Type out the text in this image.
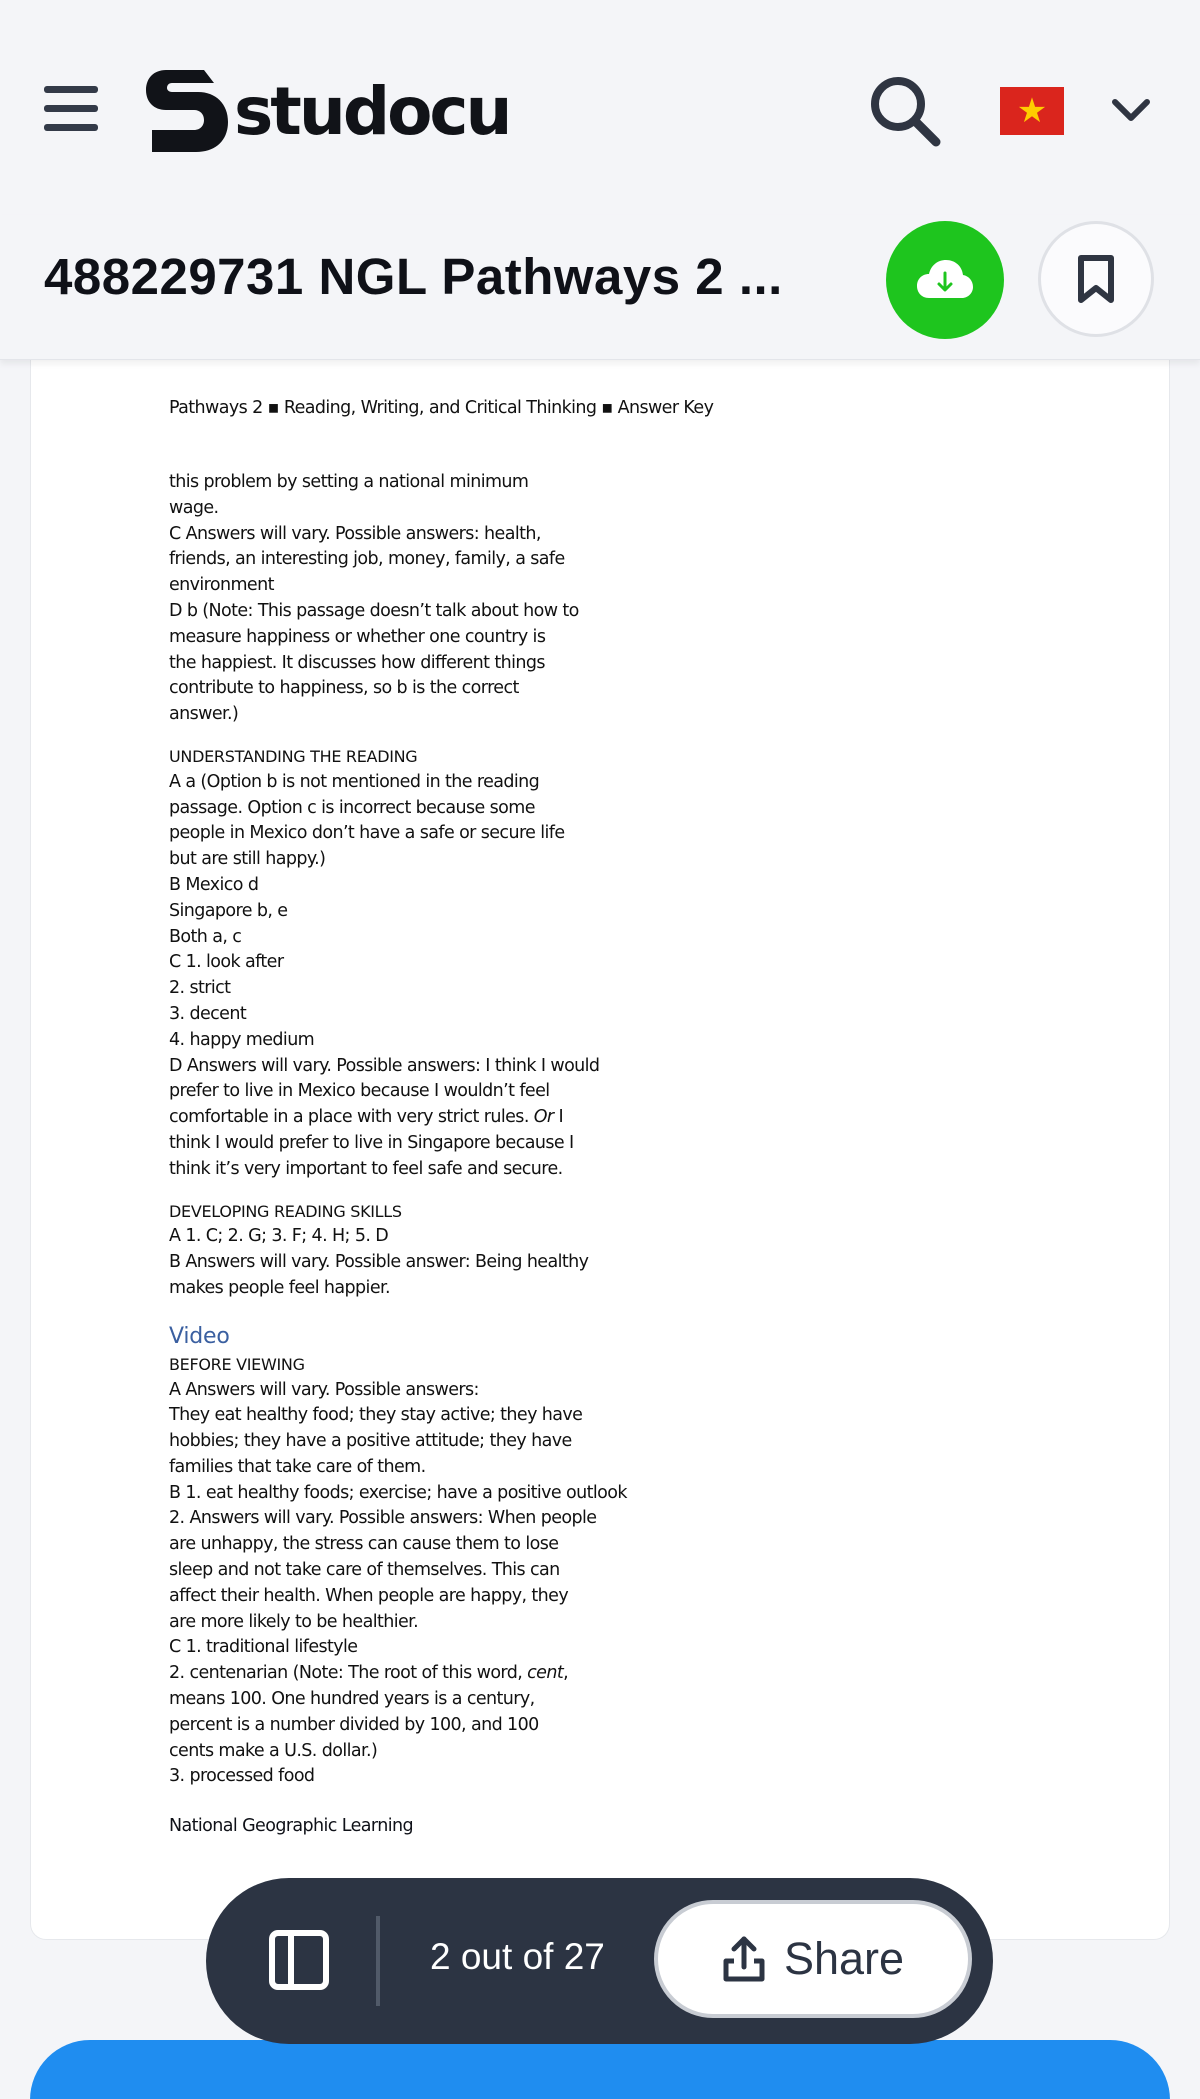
studocu	★
488229731 NGL Pathways 2 ...
Pathways 2 ▪ Reading, Writing, and Critical Thinking ▪ Answer Key

this problem by setting a national minimum

wage.

C Answers will vary. Possible answers: health,

friends, an interesting job, money, family, a safe

environment

D b (Note: This passage doesn’t talk about how to

measure happiness or whether one country is

the happiest. It discusses how different things

contribute to happiness, so b is the correct

answer.)

UNDERSTANDING THE READING

A a (Option b is not mentioned in the reading

passage. Option c is incorrect because some

people in Mexico don’t have a safe or secure life

but are still happy.)

B Mexico d

Singapore b, e

Both a, c

C 1. look after

2. strict

3. decent

4. happy medium

D Answers will vary. Possible answers: I think I would

prefer to live in Mexico because I wouldn’t feel

comfortable in a place with very strict rules. Or I

think I would prefer to live in Singapore because I

think it’s very important to feel safe and secure.

DEVELOPING READING SKILLS

A 1. C; 2. G; 3. F; 4. H; 5. D

B Answers will vary. Possible answer: Being healthy

makes people feel happier.

Video

BEFORE VIEWING

A Answers will vary. Possible answers:

They eat healthy food; they stay active; they have

hobbies; they have a positive attitude; they have

families that take care of them.

B 1. eat healthy foods; exercise; have a positive outlook

2. Answers will vary. Possible answers: When people

are unhappy, the stress can cause them to lose

sleep and not take care of themselves. This can

affect their health. When people are happy, they

are more likely to be healthier.

C 1. traditional lifestyle

2. centenarian (Note: The root of this word, cent,

means 100. One hundred years is a century,

percent is a number divided by 100, and 100

cents make a U.S. dollar.)

3. processed food

National Geographic Learning
2 out of 27	Share
